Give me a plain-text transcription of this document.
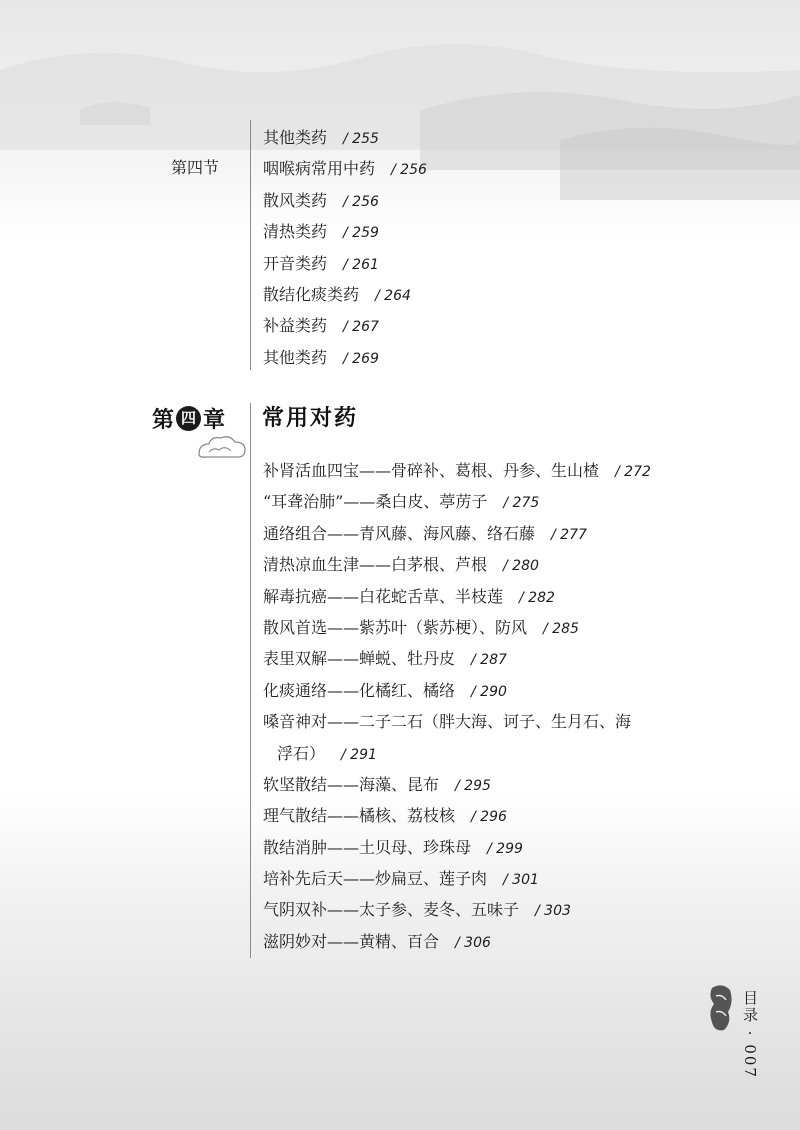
第四节
其他类药 / 255
咽喉病常用中药 / 256
散风类药 / 256
清热类药 / 259
开音类药 / 261
散结化痰类药 / 264
补益类药 / 267
其他类药 / 269
第 四 章 常用对药
补肾活血四宝——骨碎补、葛根、丹参、生山楂 / 272
“耳聋治肺”——桑白皮、葶苈子 / 275
通络组合——青风藤、海风藤、络石藤 / 277
清热凉血生津——白茅根、芦根 / 280
解毒抗癌——白花蛇舌草、半枝莲 / 282
散风首选——紫苏叶（紫苏梗）、防风 / 285
表里双解——蝉蜕、牡丹皮 / 287
化痰通络——化橘红、橘络 / 290
嗓音神对——二子二石（胖大海、诃子、生月石、海
浮石） / 291
软坚散结——海藻、昆布 / 295
理气散结——橘核、荔枝核 / 296
散结消肿——土贝母、珍珠母 / 299
培补先后天——炒扁豆、莲子肉 / 301
气阴双补——太子参、麦冬、五味子 / 303
滋阴妙对——黄精、百合 / 306
目录 · 007
